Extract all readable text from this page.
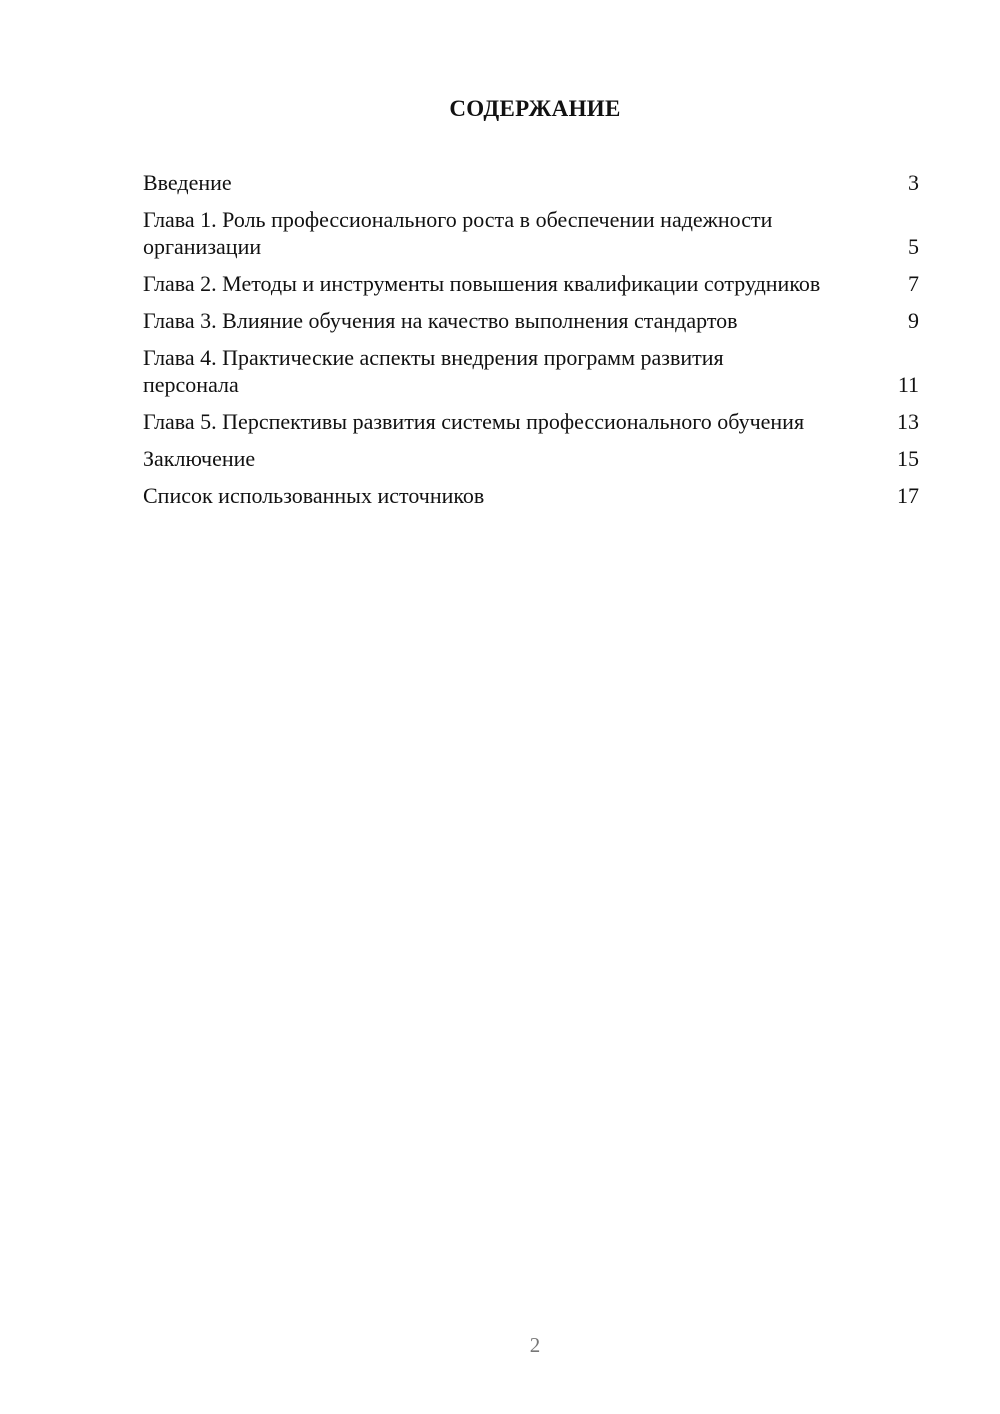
СОДЕРЖАНИЕ
Введение	3
Глава 1. Роль профессионального роста в обеспечении надежности организации	5
Глава 2. Методы и инструменты повышения квалификации сотрудников	7
Глава 3. Влияние обучения на качество выполнения стандартов	9
Глава 4. Практические аспекты внедрения программ развития персонала	11
Глава 5. Перспективы развития системы профессионального обучения	13
Заключение	15
Список использованных источников	17
2
